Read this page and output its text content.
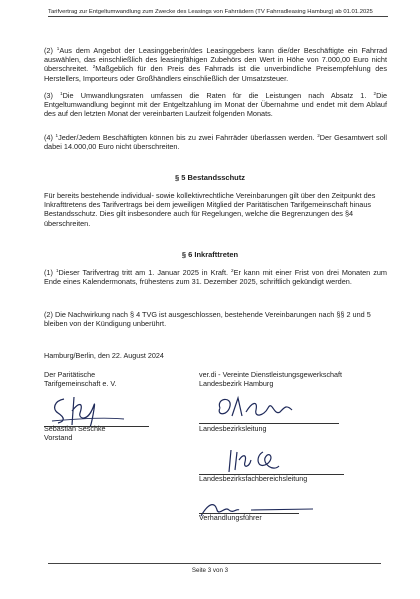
Tarifvertrag zur Entgeltumwandlung zum Zwecke des Leasings von Fahrrädern (TV Fahrradleasing Hamburg) ab 01.01.2025
(2) $^1$Aus dem Angebot der Leasinggeberin/des Leasinggebers kann die/der Beschäftigte ein Fahrrad auswählen, das einschließlich des leasingfähigen Zubehörs den Wert in Höhe von 7.000,00 Euro nicht überschreitet. $^2$Maßgeblich für den Preis des Fahrrads ist die unverbindliche Preisempfehlung des Herstellers, Importeurs oder Großhändlers einschließlich der Umsatzsteuer.
(3) $^1$Die Umwandlungsraten umfassen die Raten für die Leistungen nach Absatz 1. $^2$Die Entgeltumwandlung beginnt mit der Entgeltzahlung im Monat der Übernahme und endet mit dem Ablauf des auf den letzten Monat der vereinbarten Laufzeit folgenden Monats.
(4) $^1$Jeder/Jedem Beschäftigten können bis zu zwei Fahrräder überlassen werden. $^2$Der Gesamtwert soll dabei 14.000,00 Euro nicht überschreiten.
§ 5 Bestandsschutz
Für bereits bestehende individual- sowie kollektivrechtliche Vereinbarungen gilt über den Zeitpunkt des Inkrafttretens des Tarifvertrags bei dem jeweiligen Mitglied der Paritätischen Tarifgemeinschaft hinaus Bestandsschutz. Dies gilt insbesondere auch für Regelungen, welche die Begrenzungen des §4 überschreiten.
§ 6 Inkrafttreten
(1) $^1$Dieser Tarifvertrag tritt am 1. Januar 2025 in Kraft. $^2$Er kann mit einer Frist von drei Monaten zum Ende eines Kalendermonats, frühestens zum 31. Dezember 2025, schriftlich gekündigt werden.
(2) Die Nachwirkung nach § 4 TVG ist ausgeschlossen, bestehende Vereinbarungen nach §§ 2 und 5 bleiben von der Kündigung unberührt.
Hamburg/Berlin, den 22. August 2024
Der Paritätische
Tarifgemeinschaft e. V.
ver.di - Vereinte Dienstleistungsgewerkschaft
Landesbezirk Hamburg
Sebastian Seschke
Vorstand
Landesbezirksleitung
Landesbezirksfachbereichsleitung
Verhandlungsführer
Seite 3 von 3
